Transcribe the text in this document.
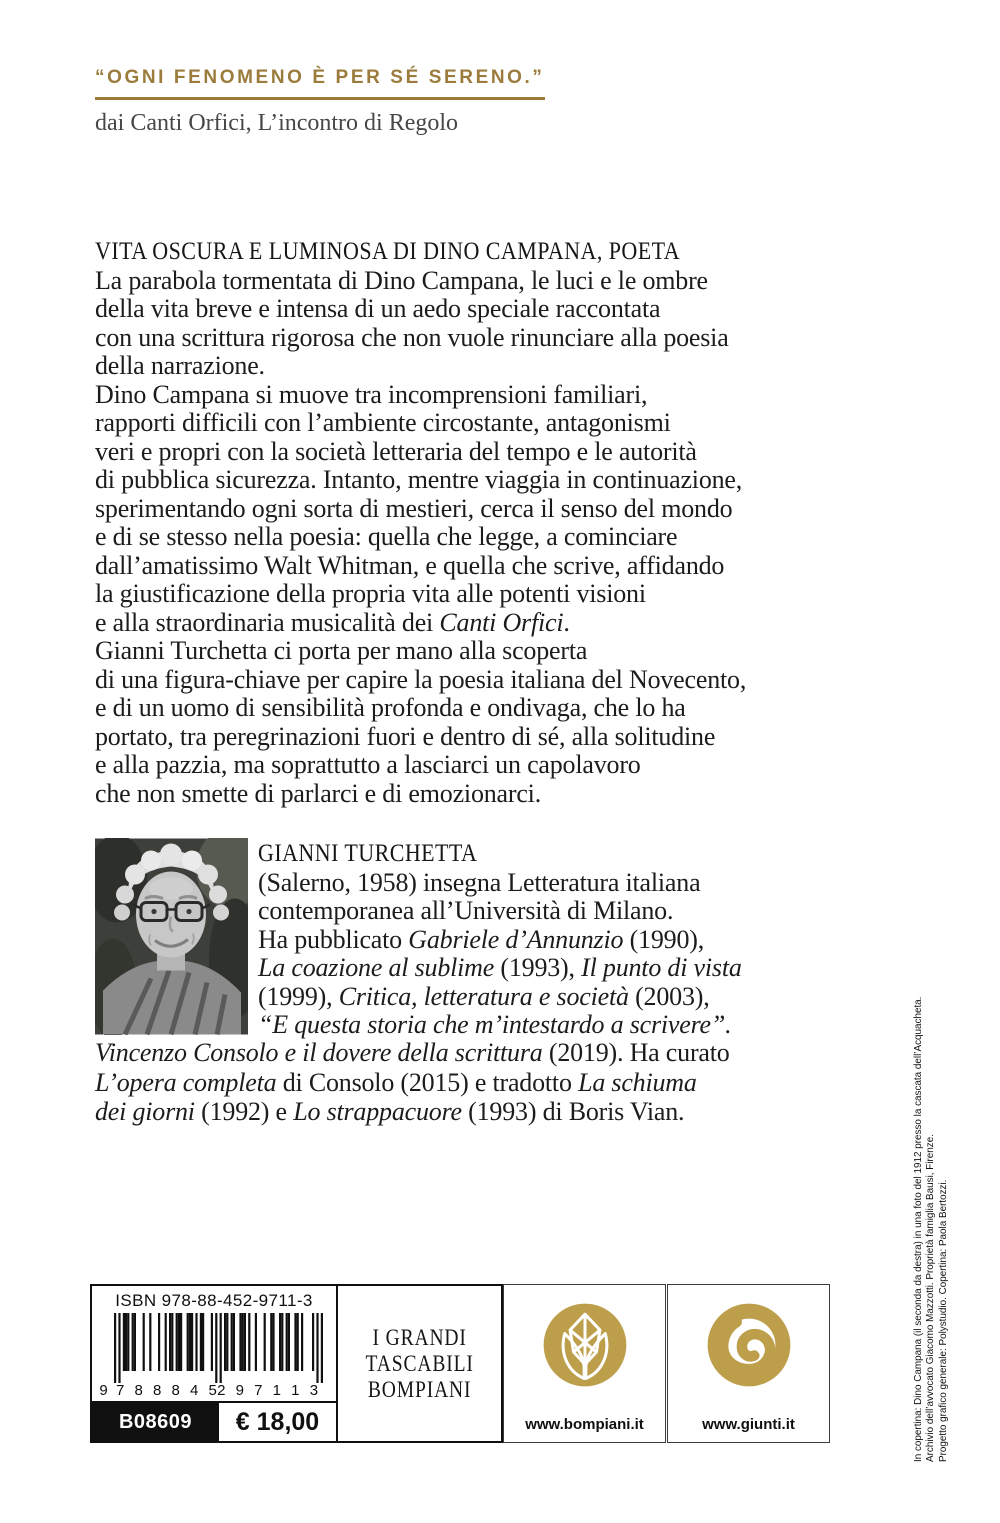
“OGNI FENOMENO È PER SÉ SERENO.”
dai Canti Orfici, L’incontro di Regolo
VITA OSCURA E LUMINOSA DI DINO CAMPANA, POETA
La parabola tormentata di Dino Campana, le luci e le ombre
della vita breve e intensa di un aedo speciale raccontata
con una scrittura rigorosa che non vuole rinunciare alla poesia
della narrazione.
Dino Campana si muove tra incomprensioni familiari,
rapporti difficili con l’ambiente circostante, antagonismi
veri e propri con la società letteraria del tempo e le autorità
di pubblica sicurezza. Intanto, mentre viaggia in continuazione,
sperimentando ogni sorta di mestieri, cerca il senso del mondo
e di se stesso nella poesia: quella che legge, a cominciare
dall’amatissimo Walt Whitman, e quella che scrive, affidando
la giustificazione della propria vita alle potenti visioni
e alla straordinaria musicalità dei Canti Orfici.
Gianni Turchetta ci porta per mano alla scoperta
di una figura-chiave per capire la poesia italiana del Novecento,
e di un uomo di sensibilità profonda e ondivaga, che lo ha
portato, tra peregrinazioni fuori e dentro di sé, alla solitudine
e alla pazzia, ma soprattutto a lasciarci un capolavoro
che non smette di parlarci e di emozionarci.
GIANNI TURCHETTA
(Salerno, 1958) insegna Letteratura italiana
contemporanea all’Università di Milano.
Ha pubblicato Gabriele d’Annunzio (1990),
La coazione al sublime (1993), Il punto di vista
(1999), Critica, letteratura e società (2003),
“E questa storia che m’intestardo a scrivere”.
Vincenzo Consolo e il dovere della scrittura (2019). Ha curato
L’opera completa di Consolo (2015) e tradotto La schiuma
dei giorni (1992) e Lo strappacuore (1993) di Boris Vian.
ISBN 978-88-452-9711-3
9 7 8 8 8 4 5
2 9 7 1 1 3
B08609	€ 18,00
I GRANDI
TASCABILI
BOMPIANI
www.bompiani.it	www.giunti.it	In copertina: Dino Campana (il seconda da destra) in una foto del 1912 presso la cascata dell’Acquacheta. Archivio dell’avvocato Giacomo Mazzotti. Proprietà famiglia Bausi, Firenze. Progetto grafico generale: Polystudio. Copertina: Paola Bertozzi.
